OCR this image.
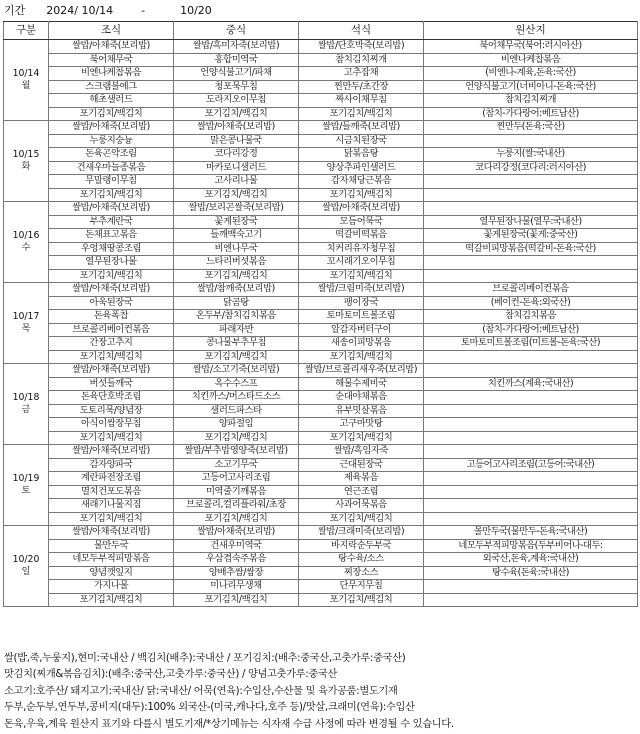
기간 2024/ 10/14	-	10/20
구분	조식	중식	석식	원산지

10/14
월	쌀밥/아채죽(보리밥)	쌀밥/흑미자죽(보리밥)	쌀밥/단호박죽(보리밥)	북어채무국(북어:러시아산)
	북어채무국	홍합미역국	참치김치찌개	비엔나케찹볶음
	비엔나케찹볶음	언양식불고기/파채	고추잡채	(비엔나-계육,돈육:국산)
	스크램블에그	청포묵무침	찐만두/초간장	언양식불고기(너비아니-돈육:국산)
	해초샐러드	도라지오이무침	짜사이채무침	참치김치찌개
	포기김치/백김치	포기김치/백김치	포기김치/백김치	(참치-가다랑어:베트남산)

10/15
화	쌀밥/아채죽(보리밥)	쌀밥/아채죽(보리밥)	쌀밥/들깨죽(보리밥)	찐만두(돈육:국산)
	누룽지숭늉	맑은콩나물국	시금치된장국	
	돈육곤약조림	코다리강정	닭볶음탕	누룽지(쌀:국내산)
	건새우마늘종볶음	마카로니샐러드	양상추파인샐러드	코다리강정(코다리:러시아산)
	무말랭이무침	고사리나물	감자채당근볶음	
	포기김치/백김치	포기김치/백김치	포기김치/백김치	

10/16
수	쌀밥/아채죽(보리밥)	쌀밥/보리곤쌀죽(보리밥)	쌀밥/아채죽(보리밥)	
	부추계란국	꽃게된장국	모듬어묵국	열무된장나물(열무:국내산)
	돈채표고볶음	들깨백숙고기	떡갈비떡볶음	꽃게된장국(꽃게:중국산)
	우엉채땅콩조림	비엔나무국	치커리유자청무침	떡갈비피망볶음(떡갈비-돈육:국산)
	열무된장나물	느타리버섯볶음	꼬시래기오이무침	
	포기김치/백김치	포기김치/백김치	포기김치/백김치	

10/17
목	쌀밥/아채죽(보리밥)	쌀밥/참깨죽(보리밥)	쌀밥/크림미죽(보리밥)	브로콜리베이컨볶음
	아욱된장국	닭곰탕	팽이장국	(베이컨-돈육:외국산)
	돈육폭찹	온두부/참치김치볶음	토마토미트볼조림	참치김치볶음
	브로콜리베이컨볶음	파래자반	알감자버터구이	(참치-가다랑어:베트남산)
	간장고추지	콩나물부추무침	새송이피망볶음	토마토미트볼조림(미트볼-돈육:국산)
	포기김치/백김치	포기김치/백김치	포기김치/백김치	

10/18
금	쌀밥/아채죽(보리밥)	쌀밥/소고기죽(보리밥)	쌀밥/브로콜리새우죽(보리밥)	
	버섯들깨국	옥수수스프	해물수제비국	치킨까스(계육:국내산)
	돈육단호박조림	치킨까스/머스타드소스	순대야채볶음	
	도토리묵/양념장	샐러드파스타	유부밋살볶음	
	아식이쌈장무침	양파절임	고구마맛탕	
	포기김치/백김치	포기김치/백김치	포기김치/백김치	

10/19
토	쌀밥/아채죽(보리밥)	쌀밥/부추밥영양죽(보리밥)	쌀밥/흑임자죽	
	감자양파국	소고기무국	근대된장국	고등어고사리조림(고등어:국내산)
	계란파전장조림	고등어고사리조림	제육볶음	
	멸치건포도볶음	미역줄기깨볶음	연근조림	
	새래기나물지짐	브로콜리,컬리플라워/초장	사과어묵볶음	
	포기김치/백김치	포기김치/백김치	포기김치/백김치	

10/20
일	쌀밥/아채죽(보리밥)	쌀밥/아채죽(보리밥)	쌀밥/크래미죽(보리밥)	몰만두국(물만두-돈육:국내산)
	물만두국	건새우미역국	바지락순두부국	네모두부적피망볶음(두부비어나-대두:
	네모두부적피망볶음	우삼겹숙주볶음	탕수육/소스	외국산,돈육,계육:국내산)
	양념깻잎지	양배추쌈/쌈장	찌장소스	탕수육(돈육:국내산)
	가지나물	미나리무생채	단무지무침	
	포기김치/백김치	포기김치/백김치	포기김치/백김치	
쌀(밥,죽,누룽지),현미:국내산 / 백김치(배추):국내산 / 포기김치:(배추:중국산,고춧가루:중국산)
맛김치(찌개&볶음김치):(배추:중국산,고춧가루:중국산) / 양념고춧가루:중국산
소고기:호주산/ 돼지고기:국내산/ 닭:국내산/ 어묵(연육):수입산,수산물 및 육가공품:별도기재
두부,순두부,연두부,콩비지(대두):100% 외국산-(미국,캐나다,호주 등)/맛살,크래미(연육):수입산
돈육,우육,계육 원산지 표기와 다를시 별도기재/*상기메뉴는 식자재 수급 사정에 따라 변경될 수 있습니다.
